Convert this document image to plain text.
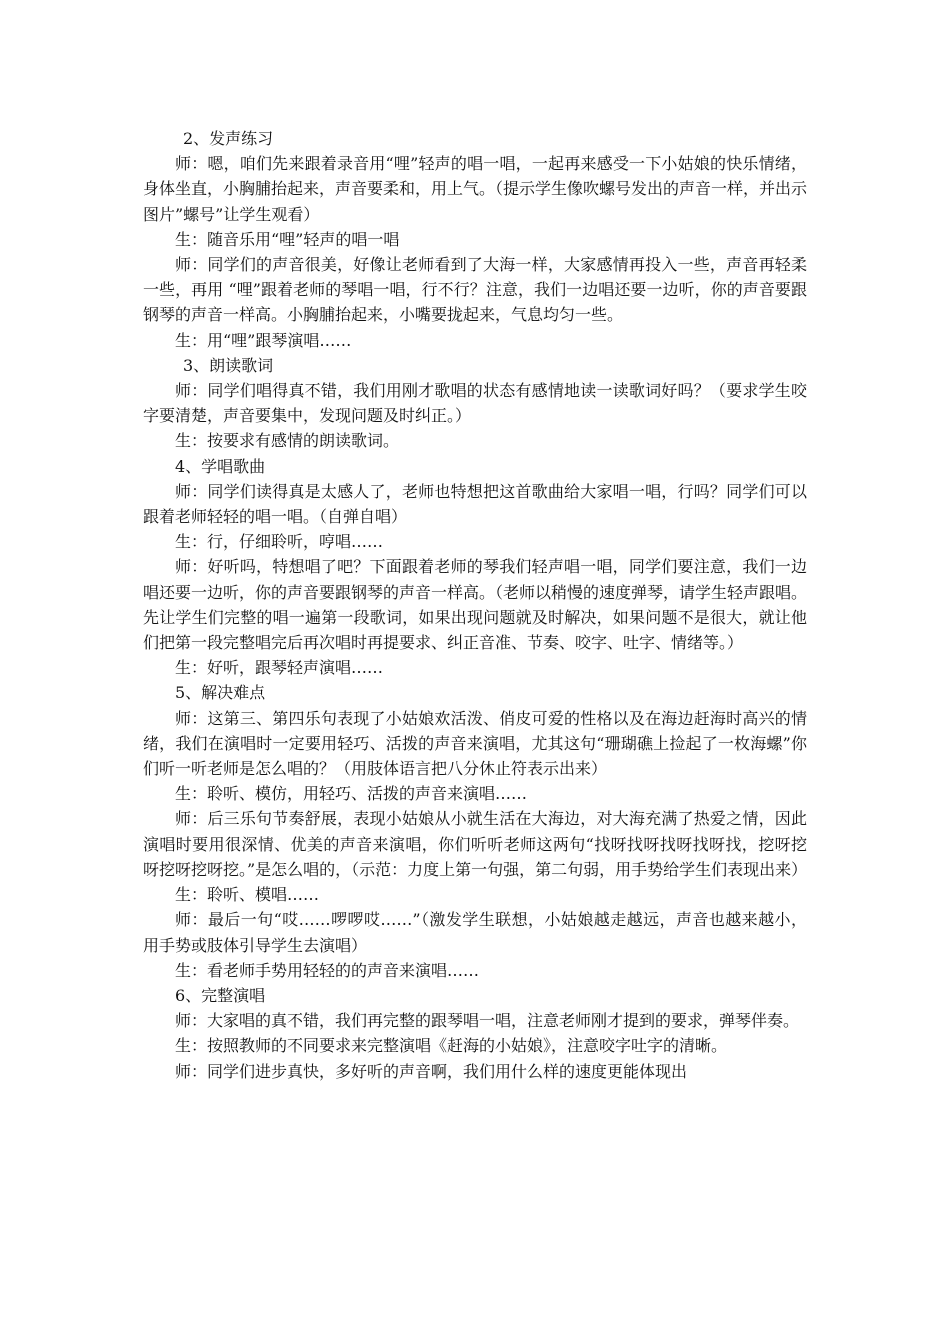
2、发声练习

师：嗯，咱们先来跟着录音用“哩”轻声的唱一唱，一起再来感受一下小姑娘的快乐情绪，身体坐直，小胸脯抬起来，声音要柔和，用上气。（提示学生像吹螺号发出的声音一样，并出示图片”螺号”让学生观看）

生：随音乐用“哩”轻声的唱一唱

师：同学们的声音很美，好像让老师看到了大海一样，大家感情再投入一些，声音再轻柔一些，再用 “哩”跟着老师的琴唱一唱，行不行？注意，我们一边唱还要一边听，你的声音要跟钢琴的声音一样高。小胸脯抬起来，小嘴要拢起来，气息均匀一些。

生：用“哩”跟琴演唱……

3、朗读歌词

师：同学们唱得真不错，我们用刚才歌唱的状态有感情地读一读歌词好吗？（要求学生咬字要清楚，声音要集中，发现问题及时纠正。）

生：按要求有感情的朗读歌词。

4、学唱歌曲

师：同学们读得真是太感人了，老师也特想把这首歌曲给大家唱一唱，行吗？同学们可以跟着老师轻轻的唱一唱。（自弹自唱）

生：行，仔细聆听，哼唱……

师：好听吗，特想唱了吧？下面跟着老师的琴我们轻声唱一唱，同学们要注意，我们一边唱还要一边听，你的声音要跟钢琴的声音一样高。（老师以稍慢的速度弹琴，请学生轻声跟唱。先让学生们完整的唱一遍第一段歌词，如果出现问题就及时解决，如果问题不是很大，就让他们把第一段完整唱完后再次唱时再提要求、纠正音准、节奏、咬字、吐字、情绪等。）

生：好听，跟琴轻声演唱……

5、解决难点

师：这第三、第四乐句表现了小姑娘欢活泼、俏皮可爱的性格以及在海边赶海时高兴的情绪，我们在演唱时一定要用轻巧、活拨的声音来演唱，尤其这句“珊瑚礁上捡起了一枚海螺”你们听一听老师是怎么唱的？（用肢体语言把八分休止符表示出来）

生：聆听、模仿，用轻巧、活拨的声音来演唱……

师：后三乐句节奏舒展，表现小姑娘从小就生活在大海边，对大海充满了热爱之情，因此演唱时要用很深情、优美的声音来演唱，你们听听老师这两句“找呀找呀找呀找呀找，挖呀挖呀挖呀挖呀挖。”是怎么唱的，（示范：力度上第一句强，第二句弱，用手势给学生们表现出来）

生：聆听、模唱……

师：最后一句“哎……啰啰哎……”（激发学生联想，小姑娘越走越远，声音也越来越小，用手势或肢体引导学生去演唱）

生：看老师手势用轻轻的的声音来演唱……

6、完整演唱

师：大家唱的真不错，我们再完整的跟琴唱一唱，注意老师刚才提到的要求，弹琴伴奏。

生：按照教师的不同要求来完整演唱《赶海的小姑娘》，注意咬字吐字的清晰。

师：同学们进步真快，多好听的声音啊，我们用什么样的速度更能体现出
